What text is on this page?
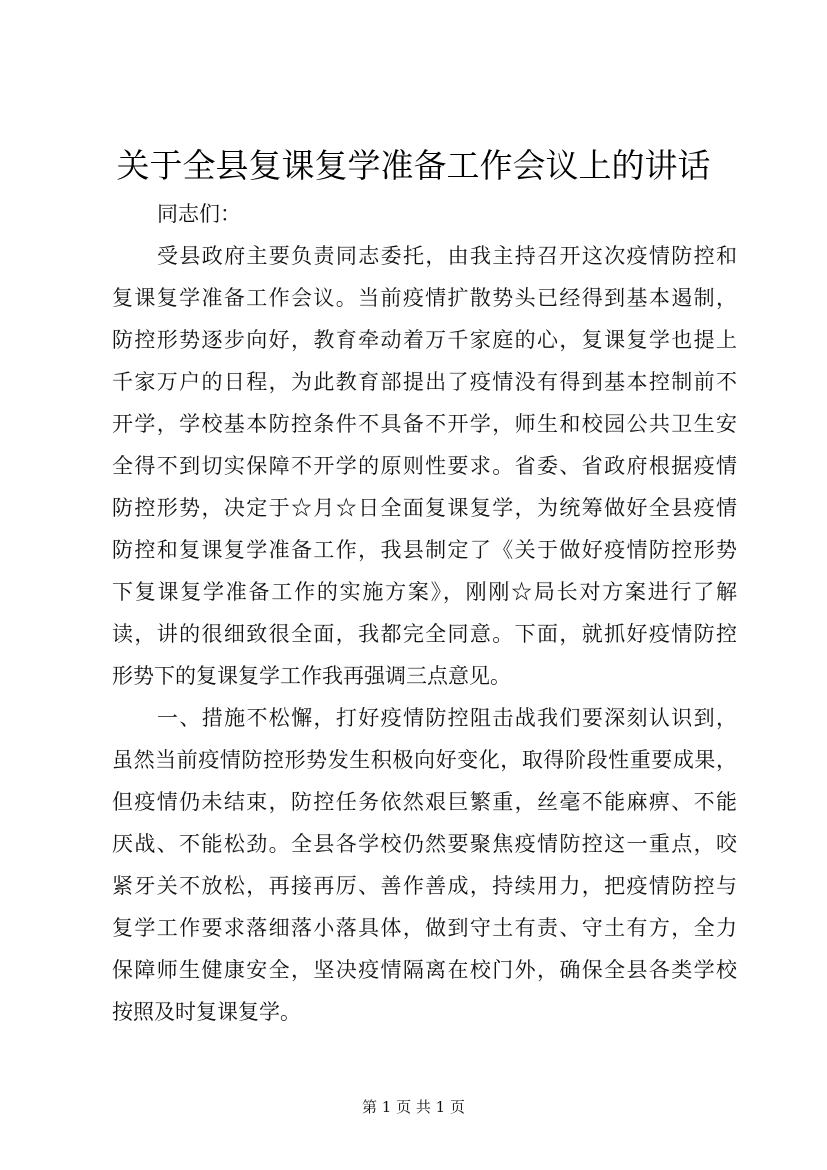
关于全县复课复学准备工作会议上的讲话
同志们：
受县政府主要负责同志委托，由我主持召开这次疫情防控和
复课复学准备工作会议。当前疫情扩散势头已经得到基本遏制，
防控形势逐步向好，教育牵动着万千家庭的心，复课复学也提上
千家万户的日程，为此教育部提出了疫情没有得到基本控制前不
开学，学校基本防控条件不具备不开学，师生和校园公共卫生安
全得不到切实保障不开学的原则性要求。省委、省政府根据疫情
防控形势，决定于☆月☆日全面复课复学，为统筹做好全县疫情
防控和复课复学准备工作，我县制定了《关于做好疫情防控形势
下复课复学准备工作的实施方案》，刚刚☆局长对方案进行了解
读，讲的很细致很全面，我都完全同意。下面，就抓好疫情防控
形势下的复课复学工作我再强调三点意见。
一、措施不松懈，打好疫情防控阻击战我们要深刻认识到，
虽然当前疫情防控形势发生积极向好变化，取得阶段性重要成果，
但疫情仍未结束，防控任务依然艰巨繁重，丝毫不能麻痹、不能
厌战、不能松劲。全县各学校仍然要聚焦疫情防控这一重点，咬
紧牙关不放松，再接再厉、善作善成，持续用力，把疫情防控与
复学工作要求落细落小落具体，做到守土有责、守土有方，全力
保障师生健康安全，坚决疫情隔离在校门外，确保全县各类学校
按照及时复课复学。
第 1 页 共 1 页
